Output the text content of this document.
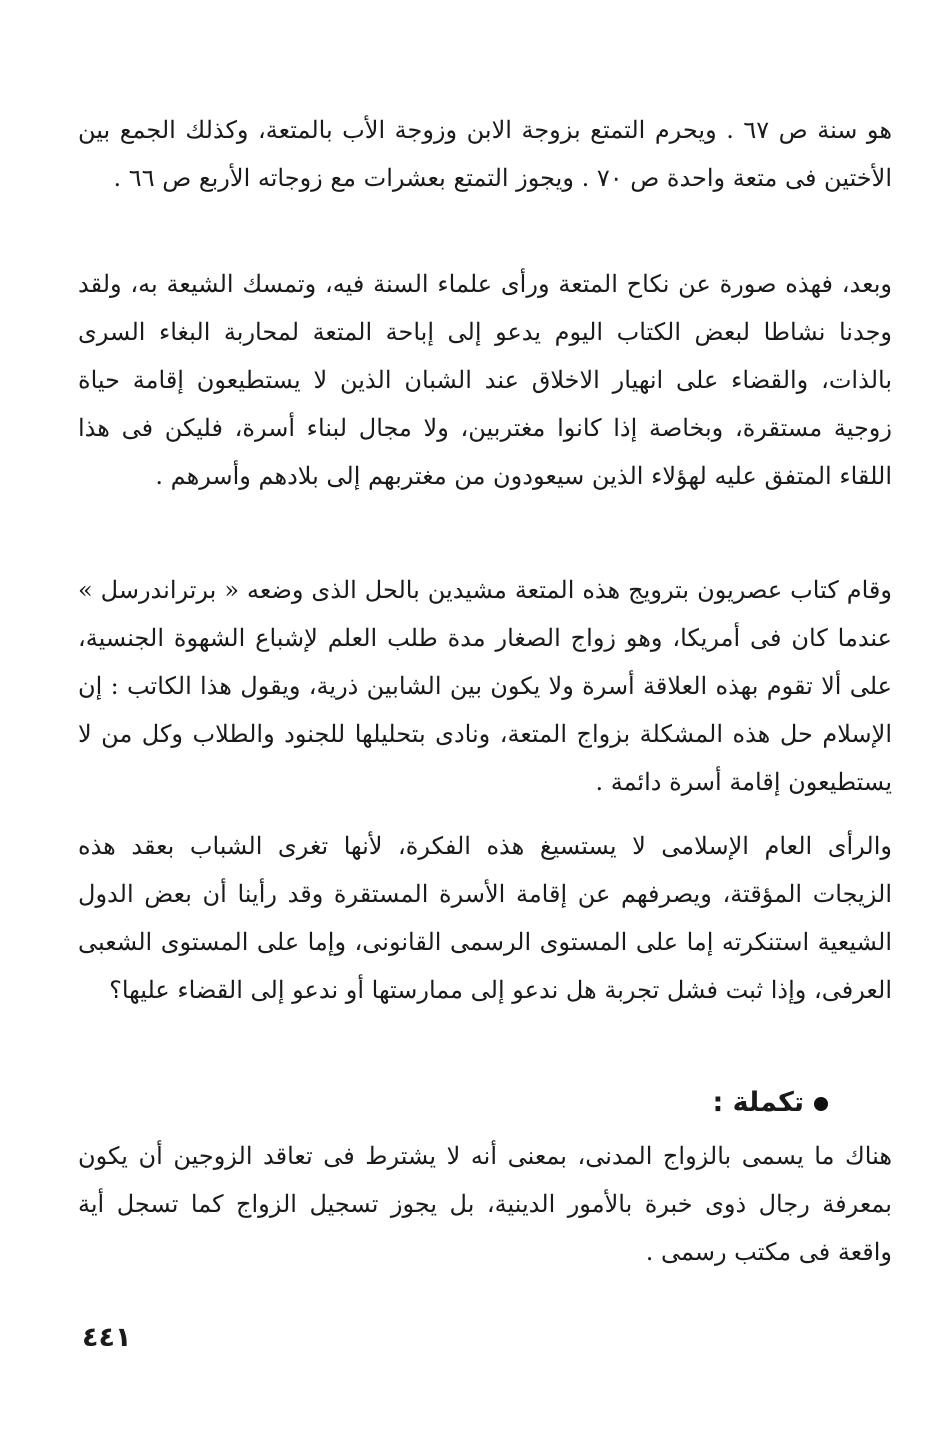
هو سنة ص ٦٧ . ويحرم التمتع بزوجة الابن وزوجة الأب بالمتعة، وكذلك الجمع بين الأختين فى متعة واحدة ص ٧٠ . ويجوز التمتع بعشرات مع زوجاته الأربع ص ٦٦ .

وبعد، فهذه صورة عن نكاح المتعة ورأى علماء السنة فيه، وتمسك الشيعة به، ولقد وجدنا نشاطا لبعض الكتاب اليوم يدعو إلى إباحة المتعة لمحاربة البغاء السرى بالذات، والقضاء على انهيار الاخلاق عند الشبان الذين لا يستطيعون إقامة حياة زوجية مستقرة، وبخاصة إذا كانوا مغتربين، ولا مجال لبناء أسرة، فليكن فى هذا اللقاء المتفق عليه لهؤلاء الذين سيعودون من مغتربهم إلى بلادهم وأسرهم .

وقام كتاب عصريون بترويج هذه المتعة مشيدين بالحل الذى وضعه « برتراندرسل » عندما كان فى أمريكا، وهو زواج الصغار مدة طلب العلم لإشباع الشهوة الجنسية، على ألا تقوم بهذه العلاقة أسرة ولا يكون بين الشابين ذرية، ويقول هذا الكاتب : إن الإسلام حل هذه المشكلة بزواج المتعة، ونادى بتحليلها للجنود والطلاب وكل من لا يستطيعون إقامة أسرة دائمة .

والرأى العام الإسلامى لا يستسيغ هذه الفكرة، لأنها تغرى الشباب بعقد هذه الزيجات المؤقتة، ويصرفهم عن إقامة الأسرة المستقرة وقد رأينا أن بعض الدول الشيعية استنكرته إما على المستوى الرسمى القانونى، وإما على المستوى الشعبى العرفى، وإذا ثبت فشل تجربة هل ندعو إلى ممارستها أو ندعو إلى القضاء عليها؟

تكملة :

هناك ما يسمى بالزواج المدنى، بمعنى أنه لا يشترط فى تعاقد الزوجين أن يكون بمعرفة رجال ذوى خبرة بالأمور الدينية، بل يجوز تسجيل الزواج كما تسجل أية واقعة فى مكتب رسمى .

٤٤١
